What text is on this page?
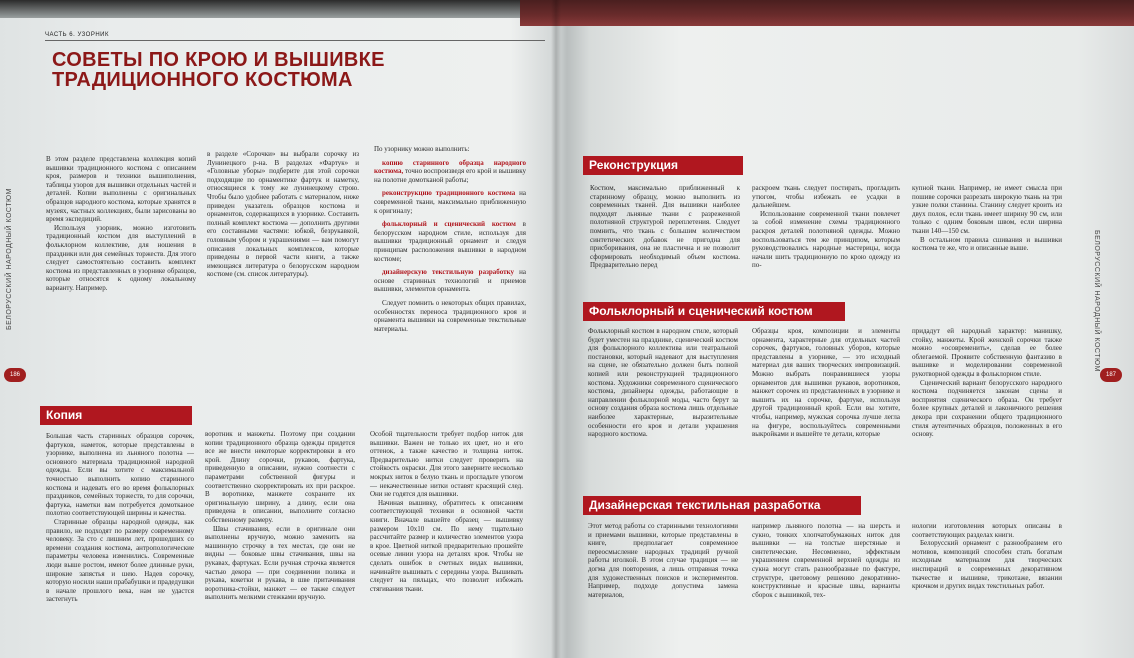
ЧАСТЬ 6. УЗОРНИК
СОВЕТЫ ПО КРОЮ И ВЫШИВКЕ
ТРАДИЦИОННОГО КОСТЮМА
БЕЛОРУССКИЙ НАРОДНЫЙ КОСТЮМ
186

В этом разделе представлена коллекция копий вышивки традиционного костюма с описанием кроя, размеров и техники вышиполнения, таблицы узоров для вышивки отдельных частей и деталей. Копии выполнены с оригинальных образцов народного костюма, которые хранятся в музеях, частных коллекциях, были зарисованы во время экспедиций.

Используя узорник, можно изготовить традиционный костюм для выступлений в фольклорном коллективе, для ношения в праздники или дня семейных торжеств. Для этого следует самостоятельно составить комплект костюма из представленных в узорнике образцов, которые относятся к одному локальному варианту. Например.

в разделе «Сорочки» вы выбрали сорочку из Лунинецкого р-на. В разделах «Фартук» и «Головные уборы» подберите для этой сорочки подходящие по орнаментике фартук и наметку, относящиеся к тому же лунинецкому строю. Чтобы было удобнее работать с материалом, ниже приведен указатель образцов костюма и орнаментов, содержащихся в узорнике. Составить полный комплект костюма — дополнить другими его составными частями: юбкой, безрукавкой, головным убором и украшениями — вам помогут описания локальных комплексов, которые приведены в первой части книги, а также имеющаяся литература о белорусском народном костюме (см. список литературы).

По узорнику можно выполнить:

копию старинного образца народного костюма, точно воспроизведя его крой и вышивку на полотне домотканой работы;

реконструкцию традиционного костюма на современной ткани, максимально приближенную к оригиналу;

фольклорный и сценический костюм в белорусском народном стиле, используя для вышивки традиционный орнамент и следуя принципам расположения вышивки в народном костюме;

дизайнерскую текстильную разработку на основе старинных технологий и приемов вышивки, элементов орнамента.

Следует помнить о некоторых общих правилах, особенностях переноса традиционного кроя и орнамента вышивки на современные текстильные материалы.

Копия

Большая часть старинных образцов сорочек, фартуков, наметок, которые представлены в узорнике, выполнена из льняного полотна — основного материала традиционной народной одежды. Если вы хотите с максимальной точностью выполнить копию старинного костюма и надевать его во время фольклорных праздников, семейных торжеств, то для сорочки, фартука, наметки вам потребуется домотканое полотно соответствующей ширины и качества.

Старинные образцы народной одежды, как правило, не подходят по размеру современному человеку. За сто с лишним лет, прошедших со времени создания костюма, антропологические параметры человека изменились. Современные люди выше ростом, имеют более длинные руки, широкие запястья и шею. Надев сорочку, которую носили наши прабабушки и прадедушки в начале прошлого века, нам не удастся застегнуть

воротник и манжеты. Поэтому при создании копии традиционного образца одежды придется все же внести некоторые корректировки в его крой. Длину сорочки, рукавов, фартука, приведенную в описании, нужно соотнести с параметрами собственной фигуры и соответственно скорректировать их при раскрое. В воротнике, манжете сохраните их оригинальную ширину, а длину, если она приведена в описании, выполните согласно собственному размеру.

Швы стачивания, если в оригинале они выполнены вручную, можно заменить на машинную строчку в тех местах, где они не видны — боковые швы стачивания, швы на рукавах, фартуках. Если ручная строчка является частью декора — при соединении полика и рукава, кокетки и рукава, в шве притачивания воротника-стойки, манжет — ее также следует выполнить мелкими стежками вручную.

Особой тщательности требует подбор ниток для вышивки. Важен не только их цвет, но и его оттенок, а также качество и толщина ниток. Предварительно нитки следует проверить на стойкость окраски. Для этого заверните несколько мокрых ниток в белую ткань и прогладьте утюгом — некачественные нитки оставят красящий след. Они не годятся для вышивки.

Начиная вышивку, обратитесь к описаниям соответствующей техники в основной части книги. Вначале вышейте образец — вышивку размером 10х10 см. По нему тщательно рассчитайте размер и количество элементов узора в крое. Цветной ниткой предварительно прошейте осевые линии узора на деталях кроя. Чтобы не сделать ошибок в счетных видах вышивки, начинайте вышивать с середины узора. Вышивать следует на пяльцах, что позволит избежать стягивания ткани.

БЕЛОРУССКИЙ НАРОДНЫЙ КОСТЮМ
187
Реконструкция

Костюм, максимально приближенный к старинному образцу, можно выполнить из современных тканей. Для вышивки наиболее подходят льняные ткани с разреженной полотняной структурой переплетения. Следует помнить, что ткань с большим количеством синтетических добавок не пригодна для присборивания, она не пластична и не позволит сформировать необходимый объем костюма. Предварительно перед

раскроем ткань следует постирать, прогладить утюгом, чтобы избежать ее усадки в дальнейшем.

Использование современной ткани повлечет за собой изменение схемы традиционного раскроя деталей полотняной одежды. Можно воспользоваться тем же принципом, которым руководствовались народные мастерицы, когда начали шить традиционную по крою одежду из по-

купной ткани. Например, не имеет смысла при пошиве сорочки разрезать широкую ткань на три узкие полки станины. Станину следует кроить из двух полок, если ткань имеет ширину 90 см, или только с одним боковым швом, если ширина ткани 140—150 см.

В остальном правила сшивания и вышивки костюма те же, что и описанные выше.

Фольклорный и сценический костюм

Фольклорный костюм в народном стиле, который будет уместен на празднике, сценический костюм для фольклорного коллектива или театральной постановки, который надевают для выступления на сцене, не обязательно должен быть полной копией или реконструкцией традиционного костюма. Художники современного сценического костюма, дизайнеры одежды, работающие в направлении фольклорной моды, часто берут за основу создания образа костюма лишь отдельные наиболее характерные, выразительные особенности его кроя и детали украшения народного костюма.

Образцы кроя, композиции и элементы орнамента, характерные для отдельных частей сорочек, фартуков, головных уборов, которые представлены в узорнике, — это исходный материал для ваших творческих импровизаций. Можно выбрать понравившиеся узоры орнаментов для вышивки рукавов, воротников, манжет сорочек из представленных в узорнике и вышить их на сорочке, фартуке, используя другой традиционный крой. Если вы хотите, чтобы, например, мужская сорочка лучше легла на фигуре, воспользуйтесь современными выкройками и вышейте те детали, которые

придадут ей народный характер: манишку, стойку, манжеты. Крой женской сорочки также можно «осовременить», сделав ее более облегаемой. Проявите собственную фантазию в вышивке и моделировании современной рукотворной одежды в фольклорном стиле.

Сценический вариант белорусского народного костюма подчиняется законам сцены и восприятия сценического образа. Он требует более крупных деталей и лаконичного решения декора при сохранении общего традиционного стиля аутентичных образцов, положенных в его основу.

Дизайнерская текстильная разработка

Этот метод работы со старинными технологиями и приемами вышивки, которые представлены в книге, предполагает современное переосмысление народных традиций ручной работы иголкой. В этом случае традиция — не догма для повторения, а лишь отправная точка для художественных поисков и экспериментов. Например, подходе допустима замена материалов,

например льняного полотна — на шерсть и сукно, тонких хлопчатобумажных ниток для вышивки — на толстые шерстяные и синтетические. Несомненно, эффектным украшением современной верхней одежды из сукна могут стать разнообразные по фактуре, структуре, цветовому решению декоративно-конструктивные и красные швы, варианты сборок с вышивкой, тех-

нологии изготовления которых описаны в соответствующих разделах книги.

Белорусский орнамент с разнообразием его мотивов, композиций способен стать богатым исходным материалом для творческих инспираций в современных декоративном ткачестве и вышивке, трикотаже, вязании крючком и других видах текстильных работ.
